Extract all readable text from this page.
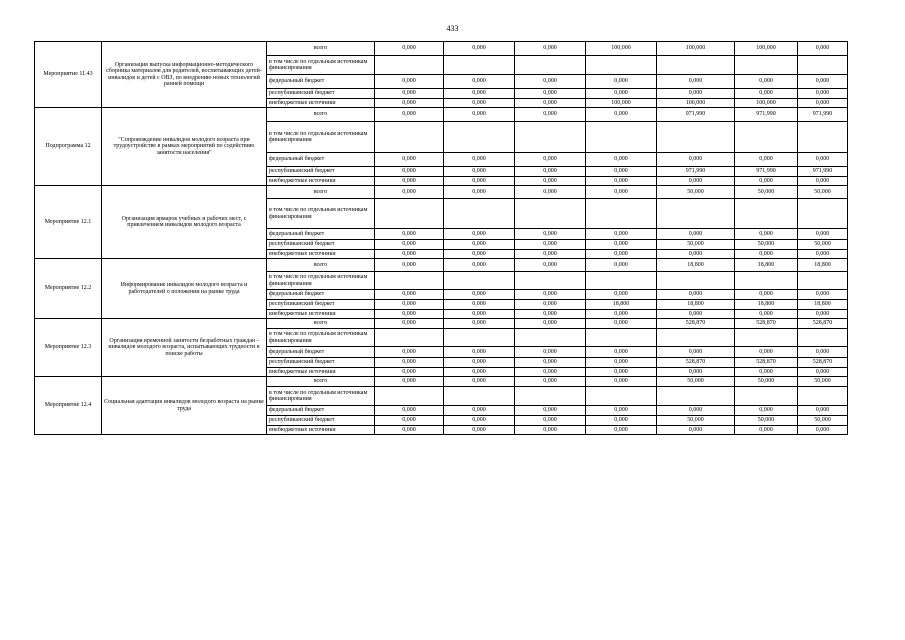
433
Мероприятие 11.43	Организация выпуска информационно-методического сборника материалов для родителей, воспитывающих детей-инвалидов и детей с ОВЗ, по внедрению новых технологий ранней помощи	всего	0,000	0,000	0,000	100,000	100,000	100,000	0,000
		в том числе по отдельным источникам финансирования							
		федеральный бюджет	0,000	0,000	0,000	0,000	0,000	0,000	0,000
		республиканский бюджет	0,000	0,000	0,000	0,000	0,000	0,000	0,000
		внебюджетные источники	0,000	0,000	0,000	100,000	100,000	100,000	0,000
Подпрограмма 12	"Сопровождение инвалидов молодого возраста при трудоустройстве в рамках мероприятий по содействию занятости населения"	всего	0,000	0,000	0,000	0,000	971,990	971,990	971,990
		в том числе по отдельным источникам финансирования							
		федеральный бюджет	0,000	0,000	0,000	0,000	0,000	0,000	0,000
		республиканский бюджет	0,000	0,000	0,000	0,000	971,990	971,990	971,990
		внебюджетные источники	0,000	0,000	0,000	0,000	0,000	0,000	0,000
Мероприятие 12.1	Организация ярмарок учебных и рабочих мест, с привлечением инвалидов молодого возраста	всего	0,000	0,000	0,000	0,000	50,000	50,000	50,000
		в том числе по отдельным источникам финансирования							
		федеральный бюджет	0,000	0,000	0,000	0,000	0,000	0,000	0,000
		республиканский бюджет	0,000	0,000	0,000	0,000	50,000	50,000	50,000
		внебюджетные источники	0,000	0,000	0,000	0,000	0,000	0,000	0,000
Мероприятие 12.2	Информирование инвалидов молодого возраста и работодателей о положении на рынке труда	всего	0,000	0,000	0,000	0,000	18,800	18,800	18,800
		в том числе по отдельным источникам финансирования							
		федеральный бюджет	0,000	0,000	0,000	0,000	0,000	0,000	0,000
		республиканский бюджет	0,000	0,000	0,000	18,800	18,800	18,800	18,800
		внебюджетные источники	0,000	0,000	0,000	0,000	0,000	0,000	0,000
Мероприятие 12.3	Организация временной занятости безработных граждан - инвалидов молодого возраста, испытывающих трудности в поиске работы	всего	0,000	0,000	0,000	0,000	528,870	528,870	528,870
		в том числе по отдельным источникам финансирования							
		федеральный бюджет	0,000	0,000	0,000	0,000	0,000	0,000	0,000
		республиканский бюджет	0,000	0,000	0,000	0,000	528,870	528,870	528,870
		внебюджетные источники	0,000	0,000	0,000	0,000	0,000	0,000	0,000
Мероприятие 12.4	Социальная адаптация инвалидов молодого возраста на рынке труда	всего	0,000	0,000	0,000	0,000	50,000	50,000	50,000
		в том числе по отдельным источникам финансирования							
		федеральный бюджет	0,000	0,000	0,000	0,000	0,000	0,000	0,000
		республиканский бюджет	0,000	0,000	0,000	0,000	50,000	50,000	50,000
		внебюджетные источники	0,000	0,000	0,000	0,000	0,000	0,000	0,000
